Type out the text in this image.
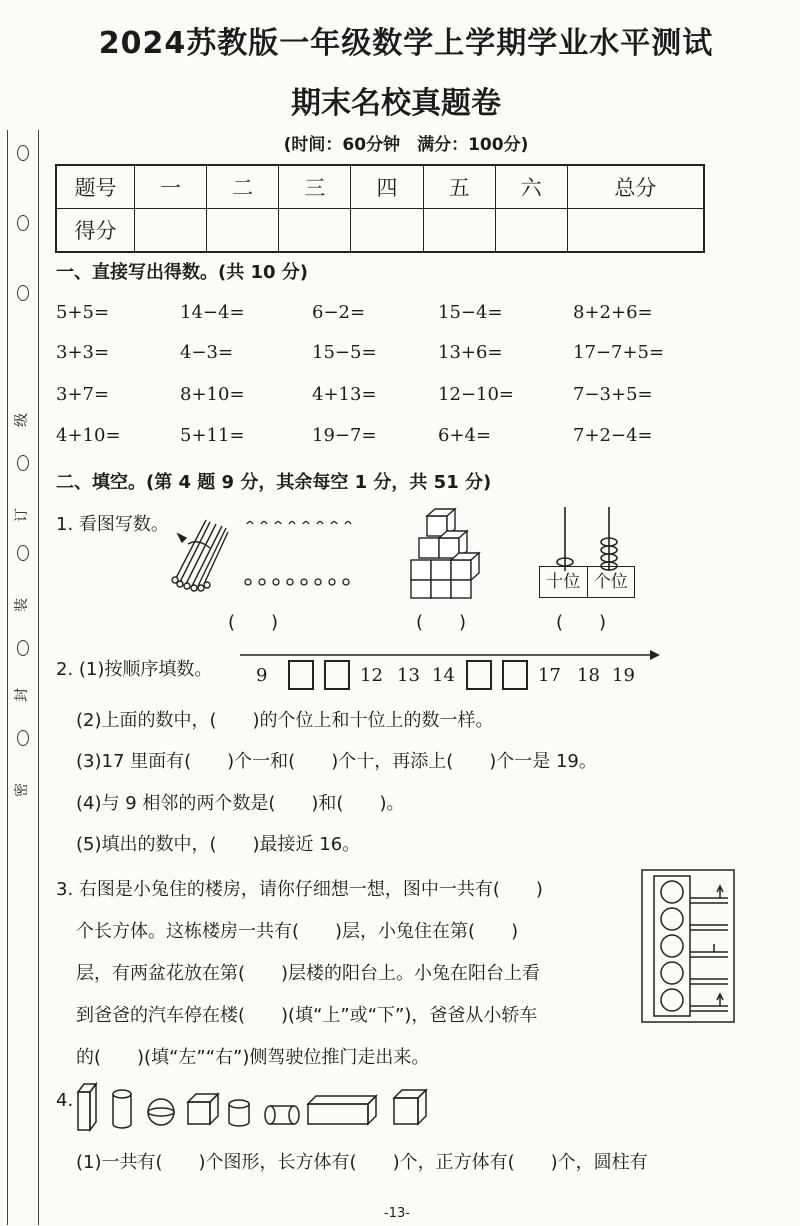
级
订
装
封
密
2024苏教版一年级数学上学期学业水平测试
期末名校真题卷
(时间：60分钟　满分：100分)
题号	一	二	三	四	五	六	总分
得分							
一、直接写出得数。(共 10 分)
5+5=	14−4=	6−2=	15−4=	8+2+6=
3+3=	4−3=	15−5=	13+6=	17−7+5=
3+7=	8+10=	4+13=	12−10=	7−3+5=
4+10=	5+11=	19−7=	6+4=	7+2−4=
二、填空。(第 4 题 9 分，其余每空 1 分，共 51 分)
1. 看图写数。
十位 个位
(　　)	(　　)	(　　)
2. (1)按顺序填数。 9	12 13 14	17 18 19
(2)上面的数中，(　　)的个位上和十位上的数一样。
(3)17 里面有(　　)个一和(　　)个十，再添上(　　)个一是 19。
(4)与 9 相邻的两个数是(　　)和(　　)。
(5)填出的数中，(　　)最接近 16。
3. 右图是小兔住的楼房，请你仔细想一想，图中一共有(　　)
个长方体。这栋楼房一共有(　　)层，小兔住在第(　　)
层，有两盆花放在第(　　)层楼的阳台上。小兔在阳台上看
到爸爸的汽车停在楼(　　)(填“上”或“下”)，爸爸从小轿车
的(　　)(填“左”“右”)侧驾驶位推门走出来。
4.
(1)一共有(　　)个图形，长方体有(　　)个，正方体有(　　)个，圆柱有
-13-
